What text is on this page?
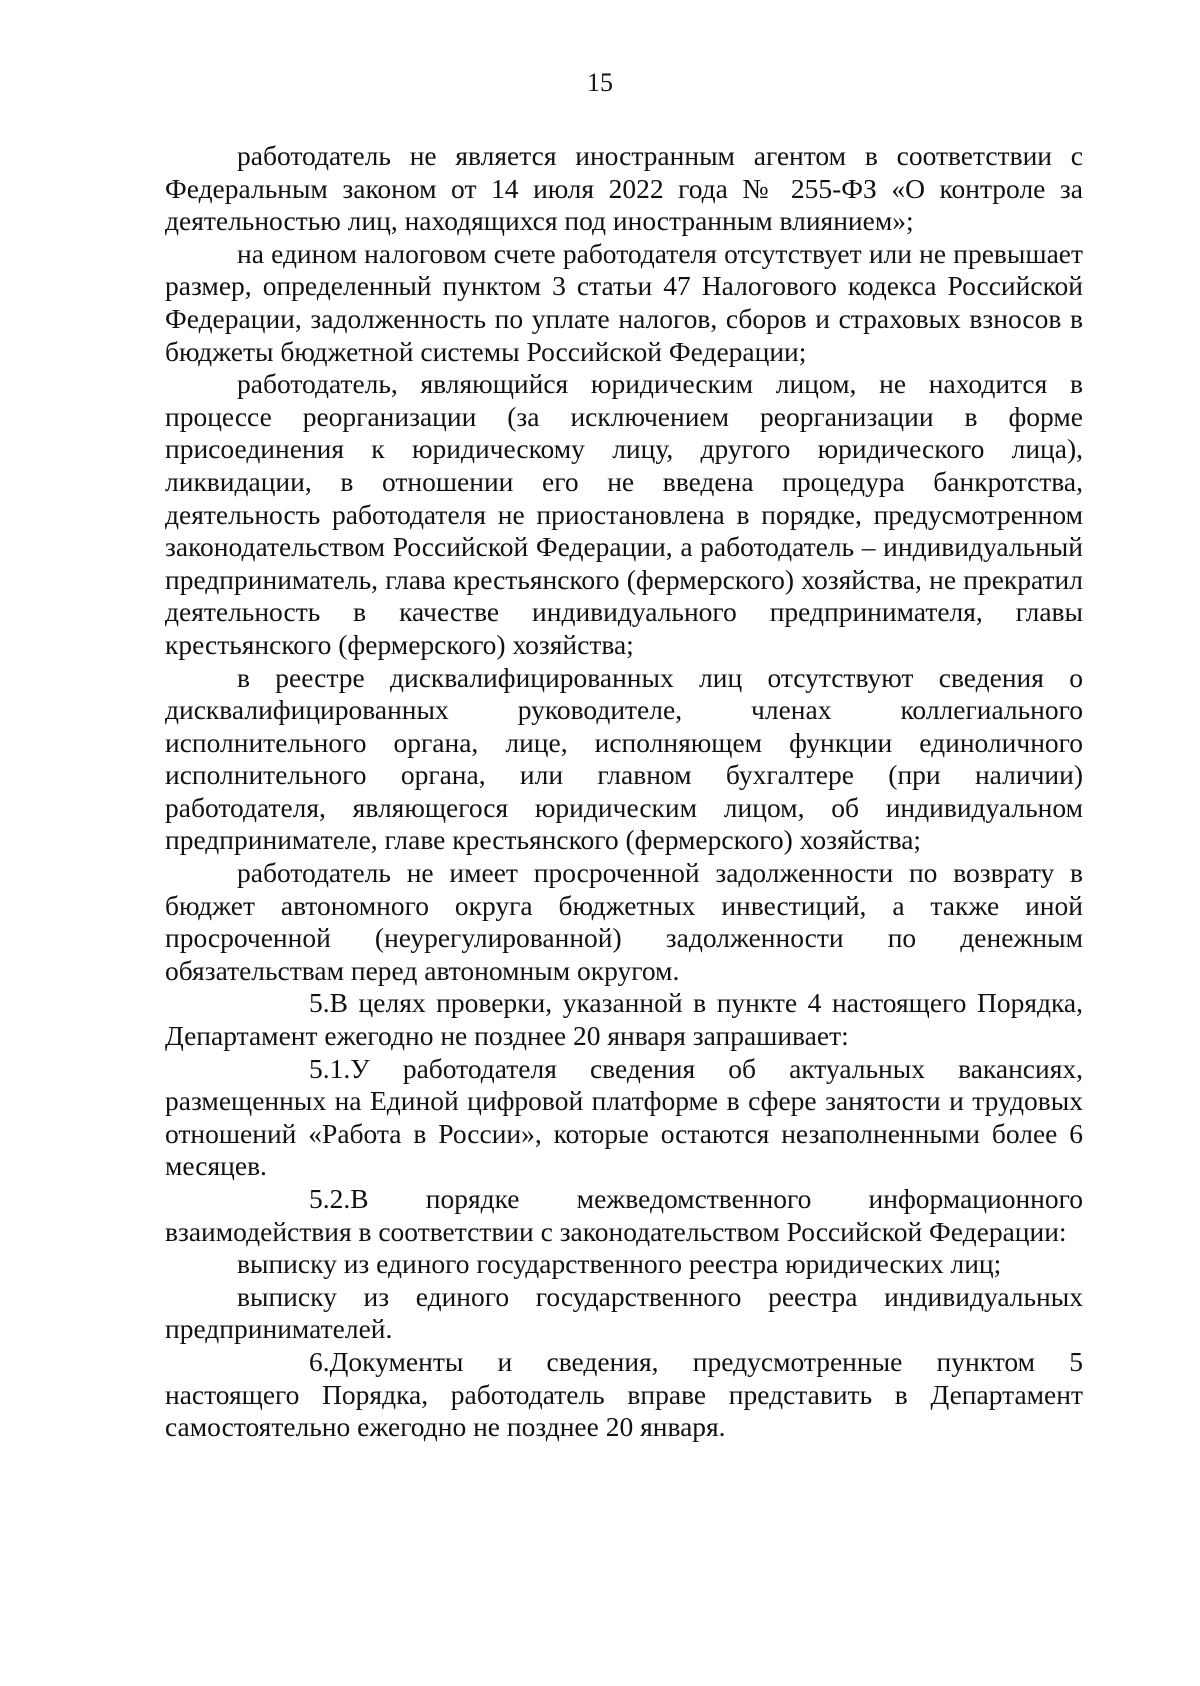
15

работодатель не является иностранным агентом в соответствии с Федеральным законом от 14 июля 2022 года № 255-ФЗ «О контроле за деятельностью лиц, находящихся под иностранным влиянием»;

на едином налоговом счете работодателя отсутствует или не превышает размер, определенный пунктом 3 статьи 47 Налогового кодекса Российской Федерации, задолженность по уплате налогов, сборов и страховых взносов в бюджеты бюджетной системы Российской Федерации;

работодатель, являющийся юридическим лицом, не находится в процессе реорганизации (за исключением реорганизации в форме присоединения к юридическому лицу, другого юридического лица), ликвидации, в отношении его не введена процедура банкротства, деятельность работодателя не приостановлена в порядке, предусмотренном законодательством Российской Федерации, а работодатель – индивидуальный предприниматель, глава крестьянского (фермерского) хозяйства, не прекратил деятельность в качестве индивидуального предпринимателя, главы крестьянского (фермерского) хозяйства;

в реестре дисквалифицированных лиц отсутствуют сведения о дисквалифицированных руководителе, членах коллегиального исполнительного органа, лице, исполняющем функции единоличного исполнительного органа, или главном бухгалтере (при наличии) работодателя, являющегося юридическим лицом, об индивидуальном предпринимателе, главе крестьянского (фермерского) хозяйства;

работодатель не имеет просроченной задолженности по возврату в бюджет автономного округа бюджетных инвестиций, а также иной просроченной (неурегулированной) задолженности по денежным обязательствам перед автономным округом.

5.В целях проверки, указанной в пункте 4 настоящего Порядка, Департамент ежегодно не позднее 20 января запрашивает:

5.1.У работодателя сведения об актуальных вакансиях, размещенных на Единой цифровой платформе в сфере занятости и трудовых отношений «Работа в России», которые остаются незаполненными более 6 месяцев.

5.2.В порядке межведомственного информационного взаимодействия в соответствии с законодательством Российской Федерации:

выписку из единого государственного реестра юридических лиц;

выписку из единого государственного реестра индивидуальных предпринимателей.

6.Документы и сведения, предусмотренные пунктом 5 настоящего Порядка, работодатель вправе представить в Департамент самостоятельно ежегодно не позднее 20 января.
